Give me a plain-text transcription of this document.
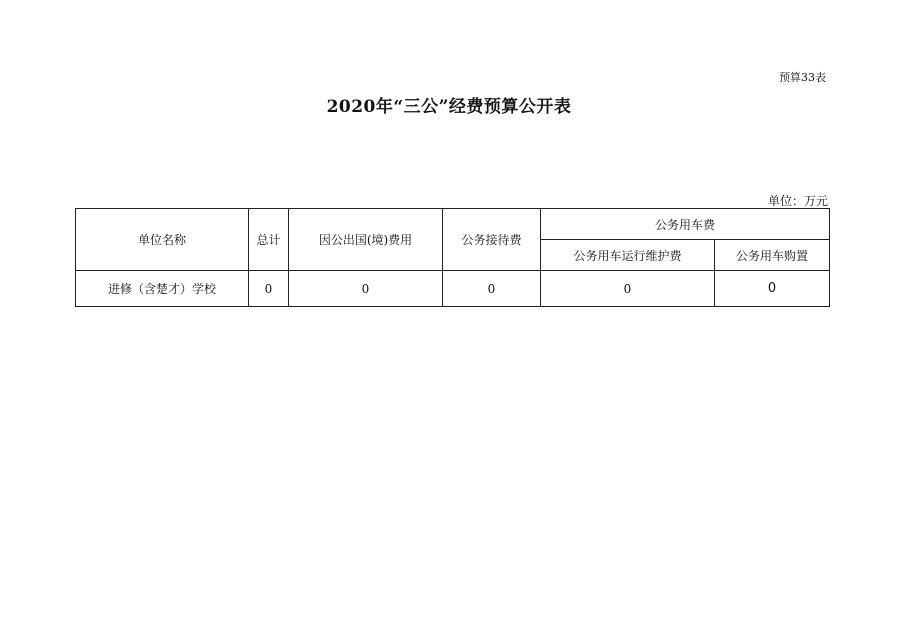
预算33表
2020年“三公”经费预算公开表
单位：万元
单位名称	总计	因公出国(境)费用	公务接待费	公务用车费	
				公务用车运行维护费	公务用车购置
进修（含楚才）学校	0	0	0	0	0
